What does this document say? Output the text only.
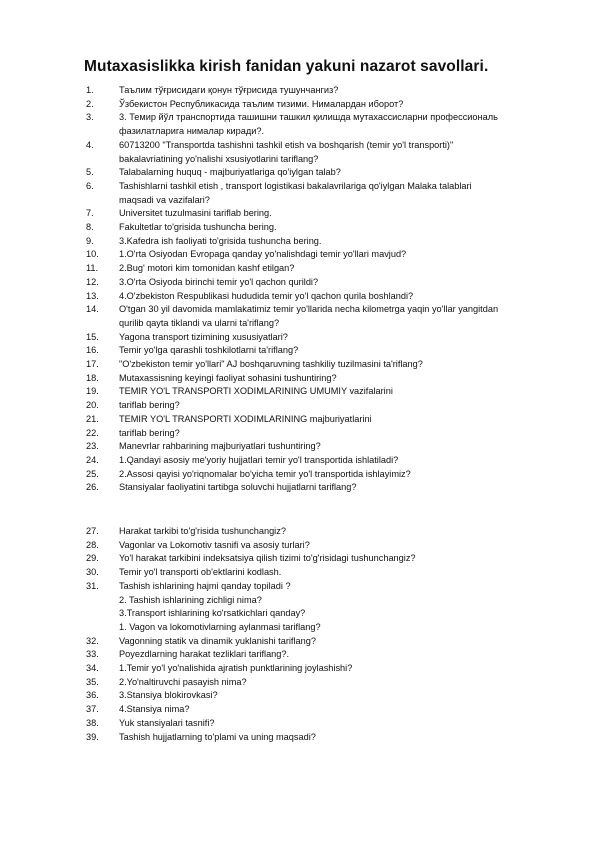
Mutaxasislikka kirish fanidan yakuni nazarot savollari.
1.	Таълим тўғрисидаги қонун тўғрисида тушунчангиз?
2.	Ўзбекистон Республикасида таълим тизими. Нималардан иборот?
3.	3. Темир йўл транспортида ташишни ташкил қилишда мутахассисларни профессиональ
фазилатларига нималар киради?.
4.	60713200 "Transportda tashishni tashkil etish va boshqarish (temir yo'l transporti)"
bakalavriatining yo'nalishi xsusiyotlarini tariflang?
5.	Talabalarning huquq - majburiyatlariga qo'iylgan talab?
6.	Tashishlarni tashkil etish , transport logistikasi bakalavrilariga qo'iylgan Malaka talablari
maqsadi va vazifalari?
7.	Universitet tuzulmasini tariflab bering.
8.	Fakultetlar to'grisida tushuncha bering.
9.	3.Kafedra ish faoliyati to'grisida tushuncha bering.
10.	1.O'rta Osiyodan Evropaga qanday yo'nalishdagi temir yo'llari mavjud?
11.	2.Bug' motori kim tomonidan kashf etilgan?
12.	3.O'rta Osiyoda birinchi temir yo'l qachon qurildi?
13.	4.O'zbekiston Respublikasi hududida temir yo'l qachon qurila boshlandi?
14.	O'tgan 30 yil davomida mamlakatimiz temir yo'llarida necha kilometrga yaqin yo'llar yangitdan
qurilib qayta tiklandi va ularni ta'riflang?
15.	Yagona transport tizimining xususiyatlari?
16.	Temir yo'lga qarashli toshkilotlarni ta'riflang?
17.	"O'zbekiston temir yo'llari" AJ boshqaruvning tashkiliy tuzilmasini ta'riflang?
18.	Mutaxassisning keyingi faoliyat sohasini tushuntiring?
19.	TEMIR YO'L TRANSPORTI XODIMLARINING UMUMIY vazifalarini
20.	tariflab bering?
21.	TEMIR YO'L TRANSPORTI XODIMLARINING majburiyatlarini
22.	tariflab bering?
23.	Manevrlar rahbarining majburiyatlari tushuntiring?
24.	1.Qandayi asosiy me'yoriy hujjatlari temir yo'l transportida ishlatiladi?
25.	2.Assosi qayisi yo'riqnomalar bo'yicha temir yo'l transportida ishlayimiz?
26.	Stansiyalar faoliyatini tartibga soluvchi hujjatlarni tariflang?
27.	Harakat tarkibi to'g'risida tushunchangiz?
28.	Vagonlar va Lokomotiv tasnifi va asosiy turlari?
29.	Yo'l harakat tarkibini indeksatsiya qilish tizimi to'g'risidagi tushunchangiz?
30.	Temir yo'l transporti ob'ektlarini kodlash.
31.	Tashish ishlarining hajmi qanday topiladi ?
2. Tashish ishlarining zichligi nima?
3.Transport ishlarining ko'rsatkichlari qanday?
1. Vagon va lokomotivlarning aylanmasi tariflang?
32.	Vagonning statik va dinamik yuklanishi tariflang?
33.	Poyezdlarning harakat tezliklari tariflang?.
34.	1.Temir yo'l yo'nalishida ajratish punktlarining joylashishi?
35.	2.Yo'naltiruvchi pasayish nima?
36.	3.Stansiya blokirovkasi?
37.	4.Stansiya nima?
38.	Yuk stansiyalari tasnifi?
39.	Tashish hujjatlarning to'plami va uning maqsadi?
